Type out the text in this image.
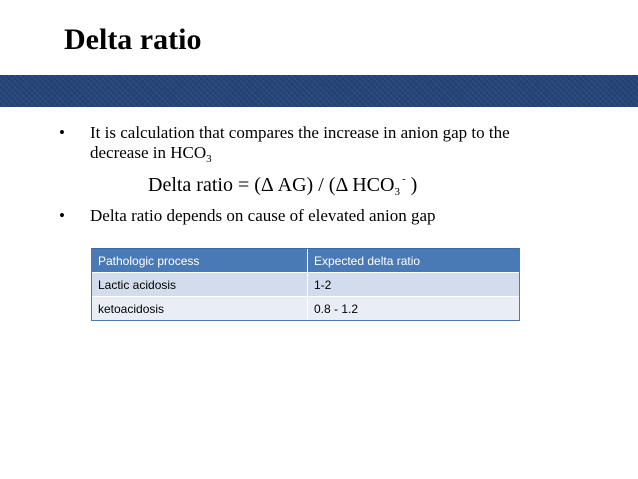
Delta ratio
• It is calculation that compares the increase in anion gap to the
decrease in $HCO_3$
Delta ratio = (Δ AG) / (Δ $HCO_3^-$ )
• Delta ratio depends on cause of elevated anion gap
Pathologic process	Expected delta ratio
Lactic acidosis	1-2
ketoacidosis	0.8 - 1.2
